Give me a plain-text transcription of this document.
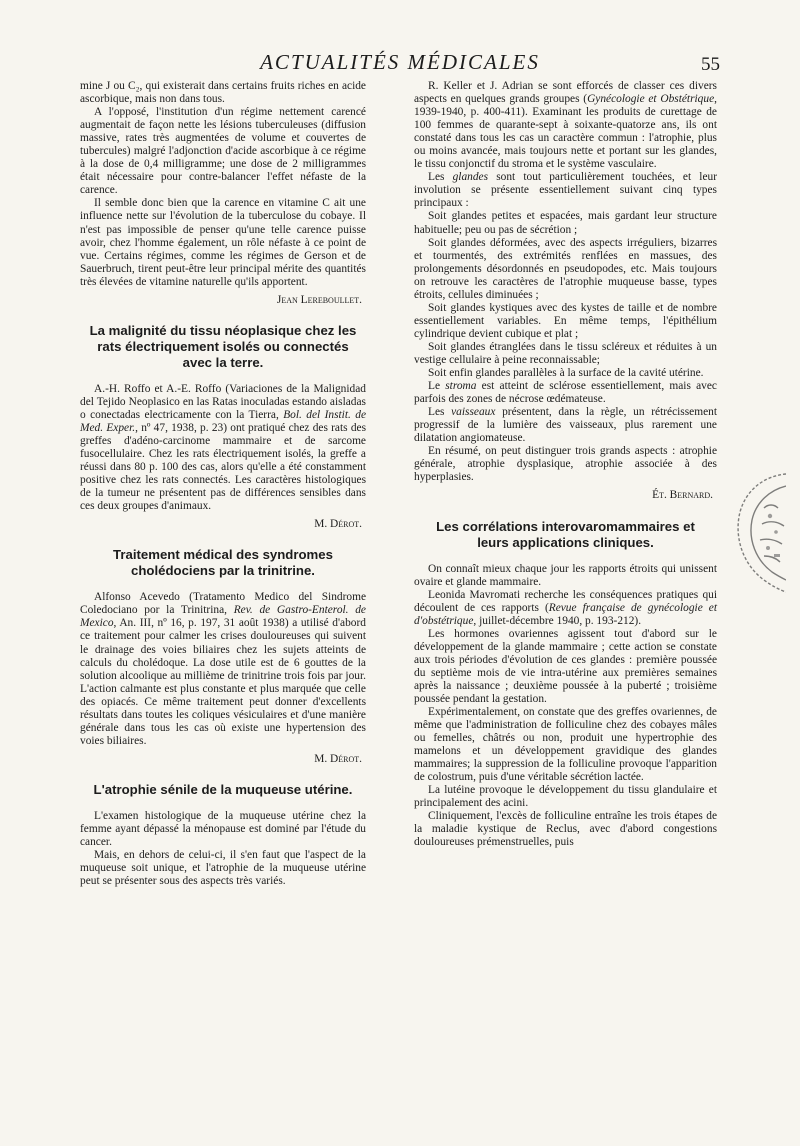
ACTUALITÉS MÉDICALES	55

mine J ou C₂, qui existerait dans certains fruits riches en acide ascorbique, mais non dans tous.

A l'opposé, l'institution d'un régime nettement carencé augmentait de façon nette les lésions tuberculeuses (diffusion massive, rates très augmentées de volume et couvertes de tubercules) malgré l'adjonction d'acide ascorbique à ce régime à la dose de 0,4 milligramme; une dose de 2 milligrammes était nécessaire pour contre-balancer l'effet néfaste de la carence.

Il semble donc bien que la carence en vitamine C ait une influence nette sur l'évolution de la tuberculose du cobaye. Il n'est pas impossible de penser qu'une telle carence puisse avoir, chez l'homme également, un rôle néfaste à ce point de vue. Certains régimes, comme les régimes de Gerson et de Sauerbruch, tirent peut-être leur principal mérite des quantités très élevées de vitamine naturelle qu'ils apportent.

Jean Lereboullet.

La malignité du tissu néoplasique chez les rats électriquement isolés ou connectés avec la terre.

A.-H. Roffo et A.-E. Roffo (Variaciones de la Malignidad del Tejido Neoplasico en las Ratas inoculadas estando aisladas o conectadas electricamente con la Tierra, Bol. del Instit. de Med. Exper., nº 47, 1938, p. 23) ont pratiqué chez des rats des greffes d'adéno-carcinome mammaire et de sarcome fusocellulaire. Chez les rats électriquement isolés, la greffe a réussi dans 80 p. 100 des cas, alors qu'elle a été constamment positive chez les rats connectés. Les caractères histologiques de la tumeur ne présentent pas de différences sensibles dans ces deux groupes d'animaux.

M. Dérot.

Traitement médical des syndromes cholédociens par la trinitrine.

Alfonso Acevedo (Tratamento Medico del Sindrome Coledociano por la Trinitrina, Rev. de Gastro-Enterol. de Mexico, An. III, nº 16, p. 197, 31 août 1938) a utilisé d'abord ce traitement pour calmer les crises douloureuses qui suivent le drainage des voies biliaires chez les sujets atteints de calculs du cholédoque. La dose utile est de 6 gouttes de la solution alcoolique au millième de trinitrine trois fois par jour. L'action calmante est plus constante et plus marquée que celle des opiacés. Ce même traitement peut donner d'excellents résultats dans toutes les coliques vésiculaires et d'une manière générale dans tous les cas où existe une hypertension des voies biliaires.

M. Dérot.

L'atrophie sénile de la muqueuse utérine.

L'examen histologique de la muqueuse utérine chez la femme ayant dépassé la ménopause est dominé par l'étude du cancer.

Mais, en dehors de celui-ci, il s'en faut que l'aspect de la muqueuse soit unique, et l'atrophie de la muqueuse utérine peut se présenter sous des aspects très variés.

R. Keller et J. Adrian se sont efforcés de classer ces divers aspects en quelques grands groupes (Gynécologie et Obstétrique, 1939-1940, p. 400-411). Examinant les produits de curettage de 100 femmes de quarante-sept à soixante-quatorze ans, ils ont constaté dans tous les cas un caractère commun : l'atrophie, plus ou moins avancée, mais toujours nette et portant sur les glandes, le tissu conjonctif du stroma et le système vasculaire.

Les glandes sont tout particulièrement touchées, et leur involution se présente essentiellement suivant cinq types principaux :

Soit glandes petites et espacées, mais gardant leur structure habituelle; peu ou pas de sécrétion ;

Soit glandes déformées, avec des aspects irréguliers, bizarres et tourmentés, des extrémités renflées en massues, des prolongements désordonnés en pseudopodes, etc. Mais toujours on retrouve les caractères de l'atrophie muqueuse basse, types étroits, cellules diminuées ;

Soit glandes kystiques avec des kystes de taille et de nombre essentiellement variables. En même temps, l'épithélium cylindrique devient cubique et plat ;

Soit glandes étranglées dans le tissu scléreux et réduites à un vestige cellulaire à peine reconnaissable;

Soit enfin glandes parallèles à la surface de la cavité utérine.

Le stroma est atteint de sclérose essentiellement, mais avec parfois des zones de nécrose œdémateuse.

Les vaisseaux présentent, dans la règle, un rétrécissement progressif de la lumière des vaisseaux, plus rarement une dilatation angiomateuse.

En résumé, on peut distinguer trois grands aspects : atrophie générale, atrophie dysplasique, atrophie associée à des hyperplasies.

Ét. Bernard.

Les corrélations interovaromammaires et leurs applications cliniques.

On connaît mieux chaque jour les rapports étroits qui unissent ovaire et glande mammaire.

Leonida Mavromati recherche les conséquences pratiques qui découlent de ces rapports (Revue française de gynécologie et d'obstétrique, juillet-décembre 1940, p. 193-212).

Les hormones ovariennes agissent tout d'abord sur le développement de la glande mammaire ; cette action se constate aux trois périodes d'évolution de ces glandes : première poussée du septième mois de vie intra-utérine aux premières semaines après la naissance ; deuxième poussée à la puberté ; troisième poussée pendant la gestation.

Expérimentalement, on constate que des greffes ovariennes, de même que l'administration de folliculine chez des cobayes mâles ou femelles, châtrés ou non, produit une hypertrophie des mamelons et un développement gravidique des glandes mammaires; la suppression de la folliculine provoque l'apparition de colostrum, puis d'une véritable sécrétion lactée.

La lutéine provoque le développement du tissu glandulaire et principalement des acini.

Cliniquement, l'excès de folliculine entraîne les trois étapes de la maladie kystique de Reclus, avec d'abord congestions douloureuses prémenstruelles, puis
